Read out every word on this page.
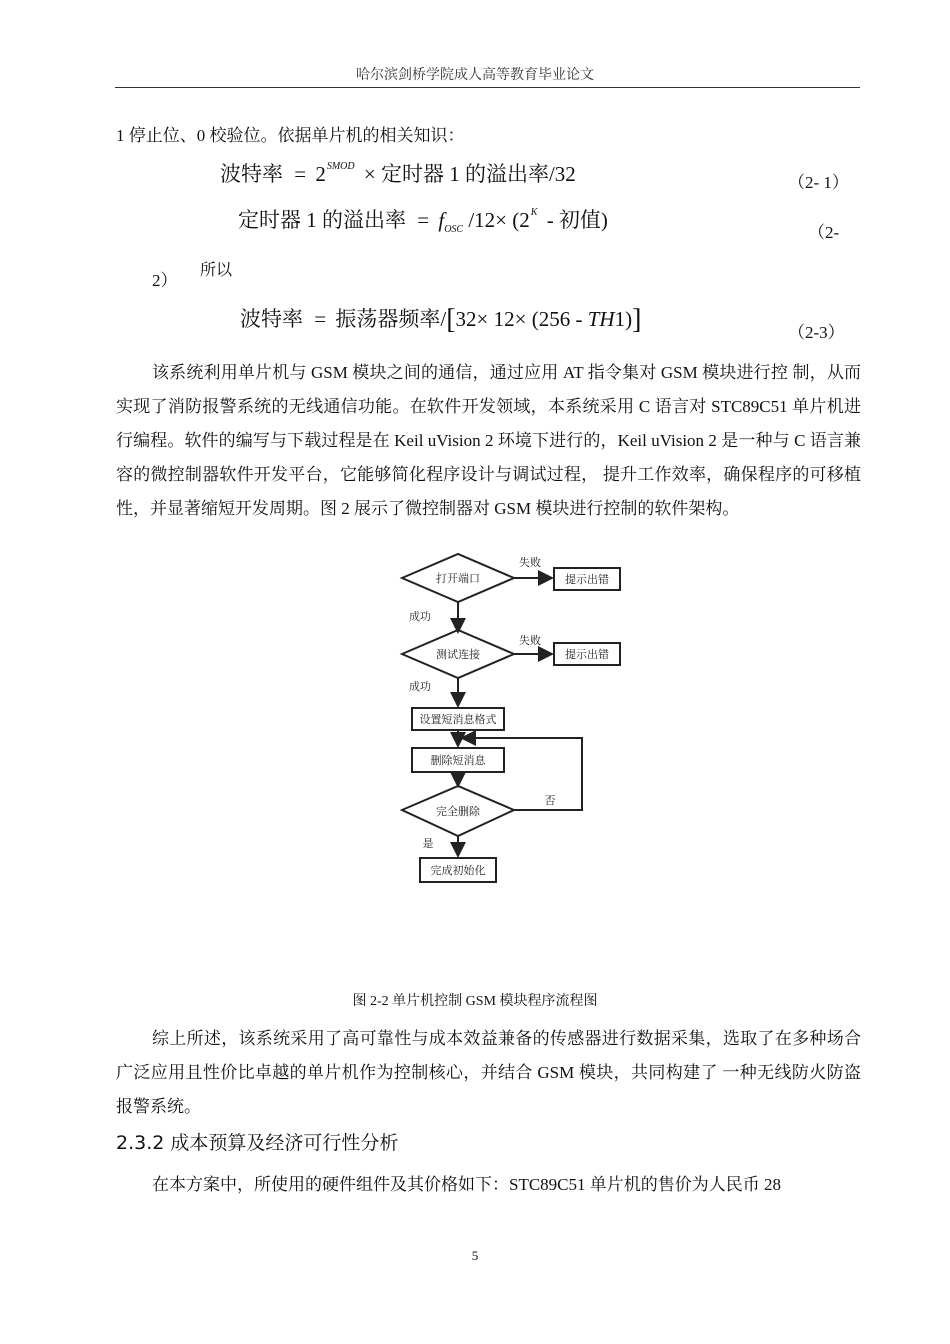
哈尔滨剑桥学院成人高等教育毕业论文
1 停止位、0 校验位。依据单片机的相关知识：
波特率 = $2^{SMOD}$ × 定时器 1 的溢出率/32	（2- 1）
定时器 1 的溢出率 = $f_{OSC}$ $/12\times (2^K$ - 初值)
（2-
2）
所以
波特率 = 振荡器频率/[32× 12× (256 - TH1)]	（2-3）
该系统利用单片机与 GSM 模块之间的通信，通过应用 AT 指令集对 GSM 模块进行控 制，从而实现了消防报警系统的无线通信功能。在软件开发领域，本系统采用 C 语言对 STC89C51 单片机进行编程。软件的编写与下载过程是在 Keil uVision 2 环境下进行的，Keil uVision 2 是一种与 C 语言兼容的微控制器软件开发平台，它能够简化程序设计与调试过程， 提升工作效率，确保程序的可移植性，并显著缩短开发周期。图 2 展示了微控制器对 GSM 模块进行控制的软件架构。
打开端口
失败
提示出错
成功
测试连接
失败
提示出错
成功
设置短消息格式
删除短消息
完全删除
否
是
完成初始化
图 2-2 单片机控制 GSM 模块程序流程图
综上所述，该系统采用了高可靠性与成本效益兼备的传感器进行数据采集，选取了在多种场合广泛应用且性价比卓越的单片机作为控制核心，并结合 GSM 模块，共同构建了 一种无线防火防盗报警系统。
2.3.2 成本预算及经济可行性分析
在本方案中，所使用的硬件组件及其价格如下：STC89C51 单片机的售价为人民币 28
5
